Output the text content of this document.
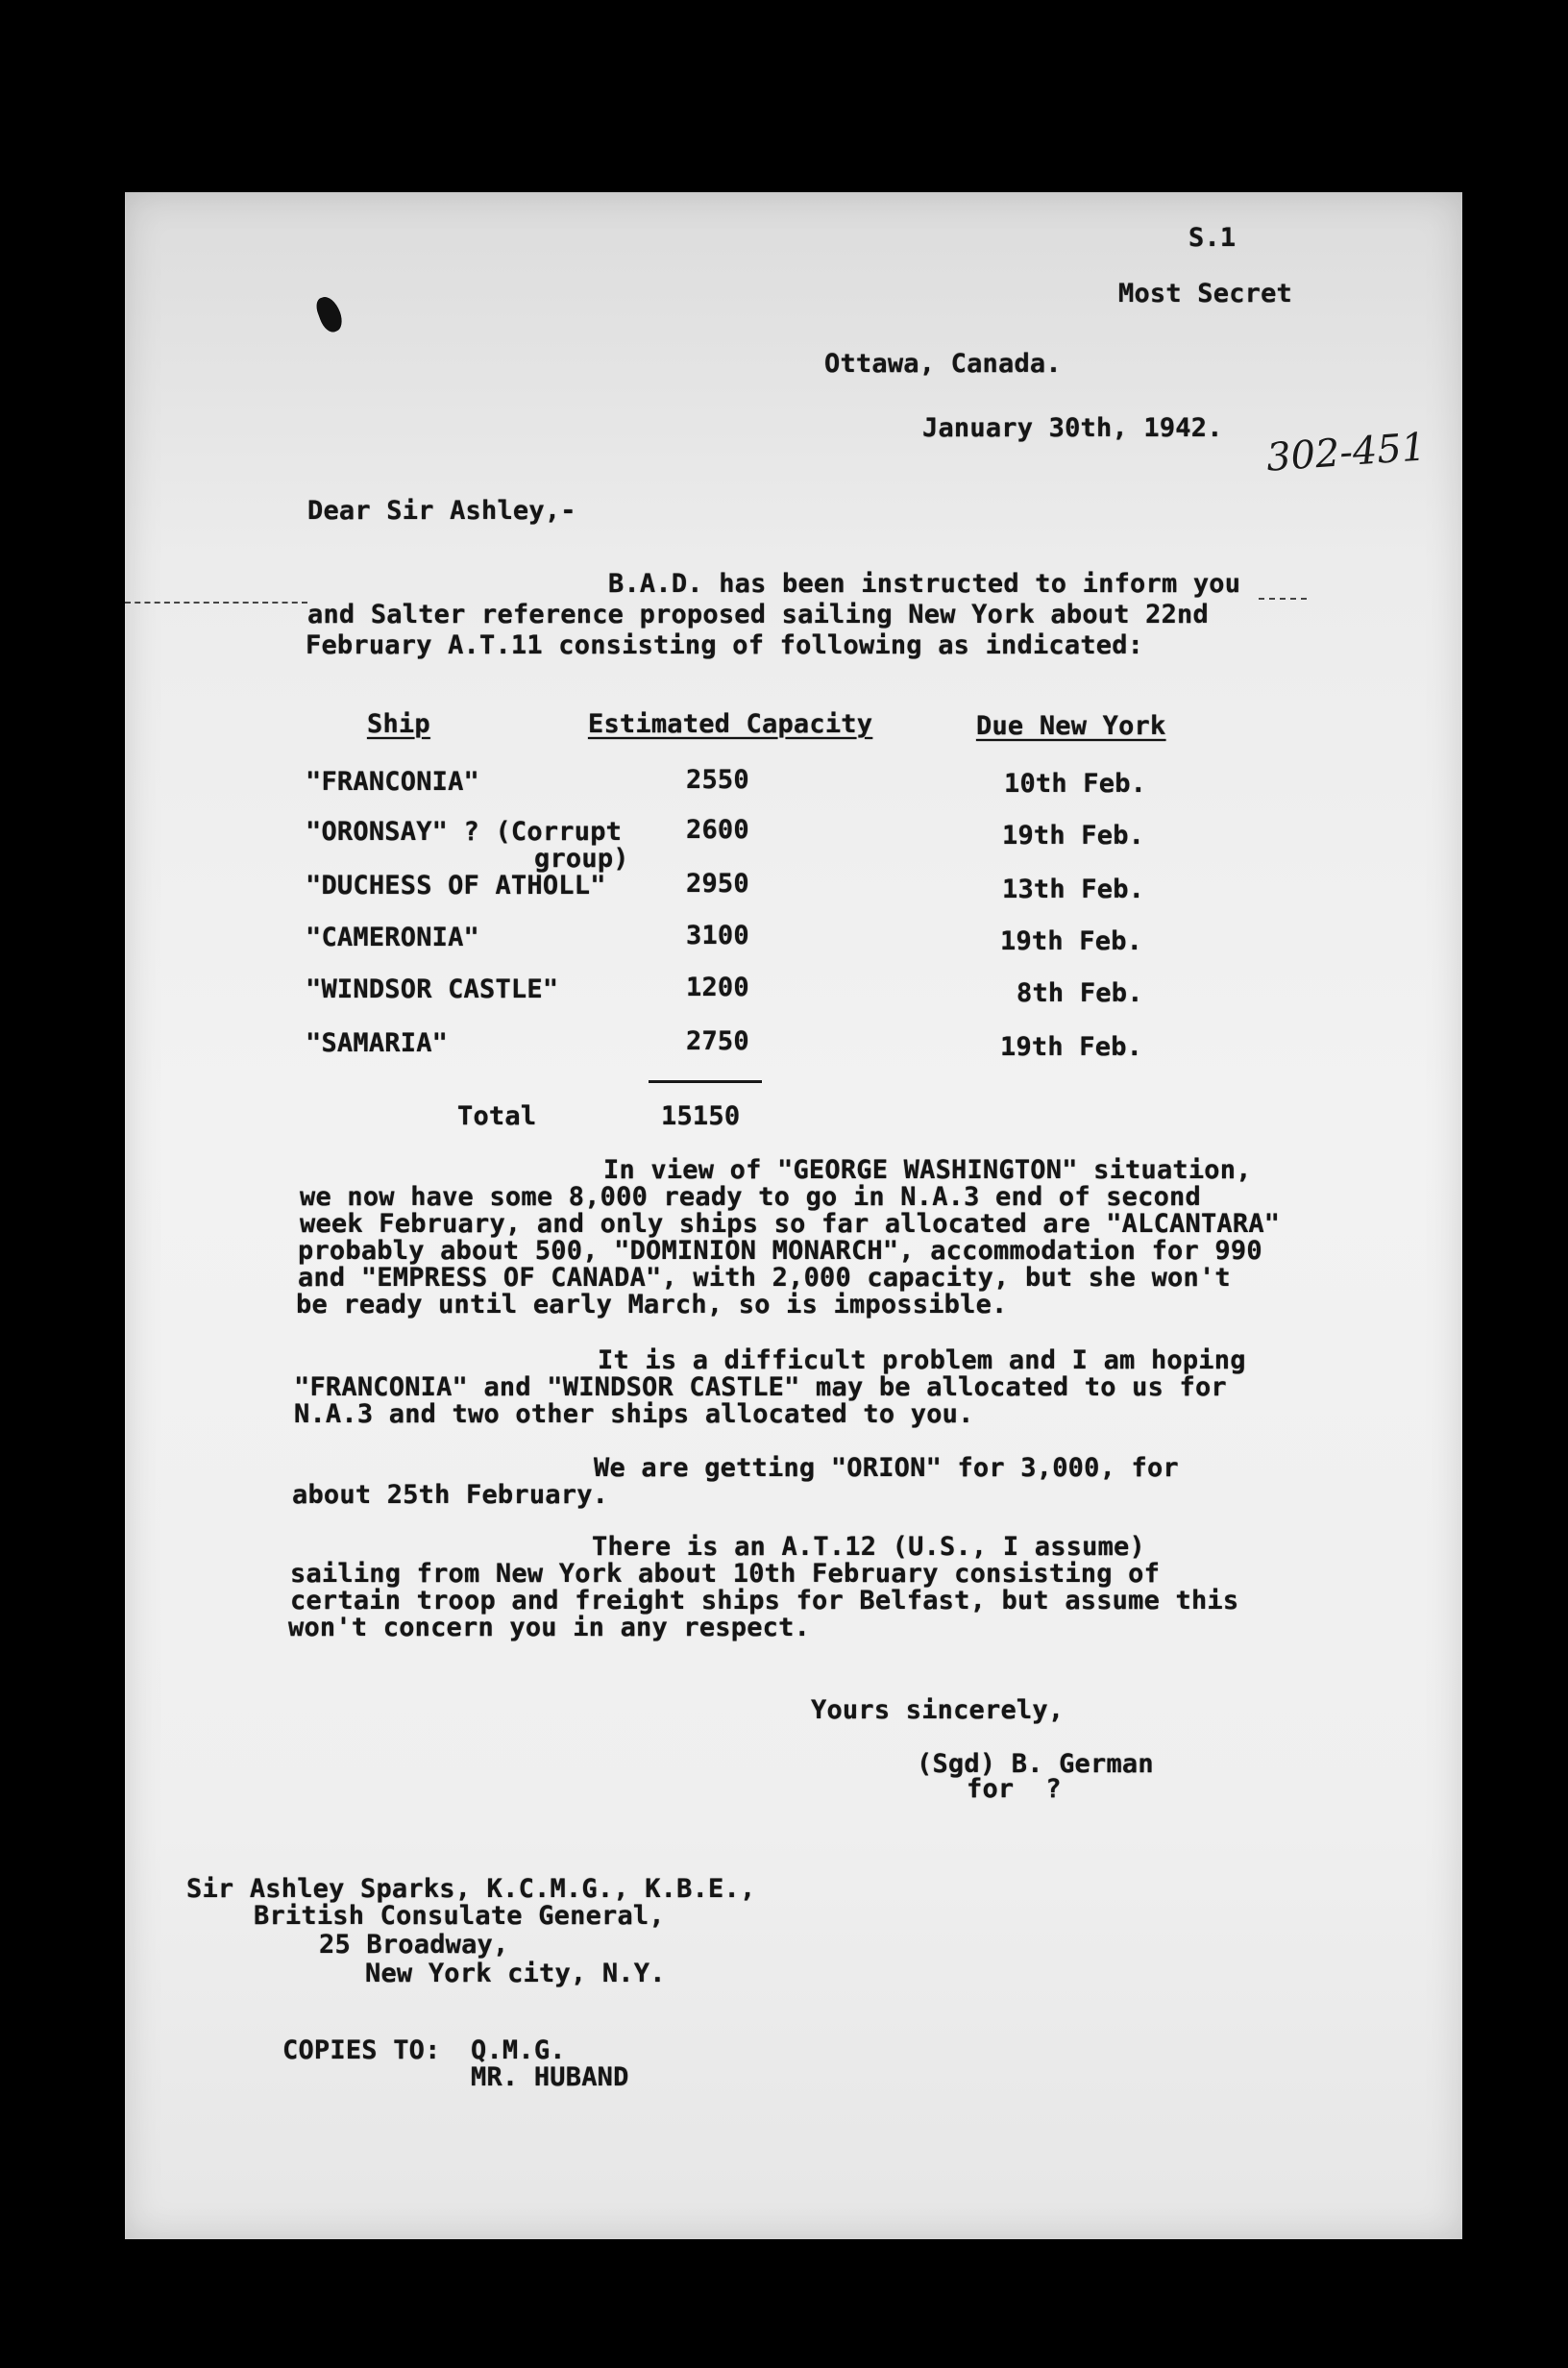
S.1
Most Secret
Ottawa, Canada.
January 30th, 1942. 302-451
Dear Sir Ashley,-
B.A.D. has been instructed to inform you
and Salter reference proposed sailing New York about 22nd
February A.T.11 consisting of following as indicated:
Ship	Estimated Capacity	Due New York
"FRANCONIA"	2550	10th Feb.
"ORONSAY" ? (Corrupt
group)
2600	19th Feb.
"DUCHESS OF ATHOLL"	2950	13th Feb.
"CAMERONIA"	3100	19th Feb.
"WINDSOR CASTLE"	1200	8th Feb.
"SAMARIA"	2750	19th Feb.
Total	15150
In view of "GEORGE WASHINGTON" situation,
we now have some 8,000 ready to go in N.A.3 end of second
week February, and only ships so far allocated are "ALCANTARA"
probably about 500, "DOMINION MONARCH", accommodation for 990
and "EMPRESS OF CANADA", with 2,000 capacity, but she won't
be ready until early March, so is impossible.
It is a difficult problem and I am hoping
"FRANCONIA" and "WINDSOR CASTLE" may be allocated to us for
N.A.3 and two other ships allocated to you.
We are getting "ORION" for 3,000, for
about 25th February.
There is an A.T.12 (U.S., I assume)
sailing from New York about 10th February consisting of
certain troop and freight ships for Belfast, but assume this
won't concern you in any respect.
Yours sincerely,
(Sgd) B. German
for  ?
Sir Ashley Sparks, K.C.M.G., K.B.E.,
British Consulate General,
25 Broadway,
New York city, N.Y.
COPIES TO: Q.M.G.
MR. HUBAND
